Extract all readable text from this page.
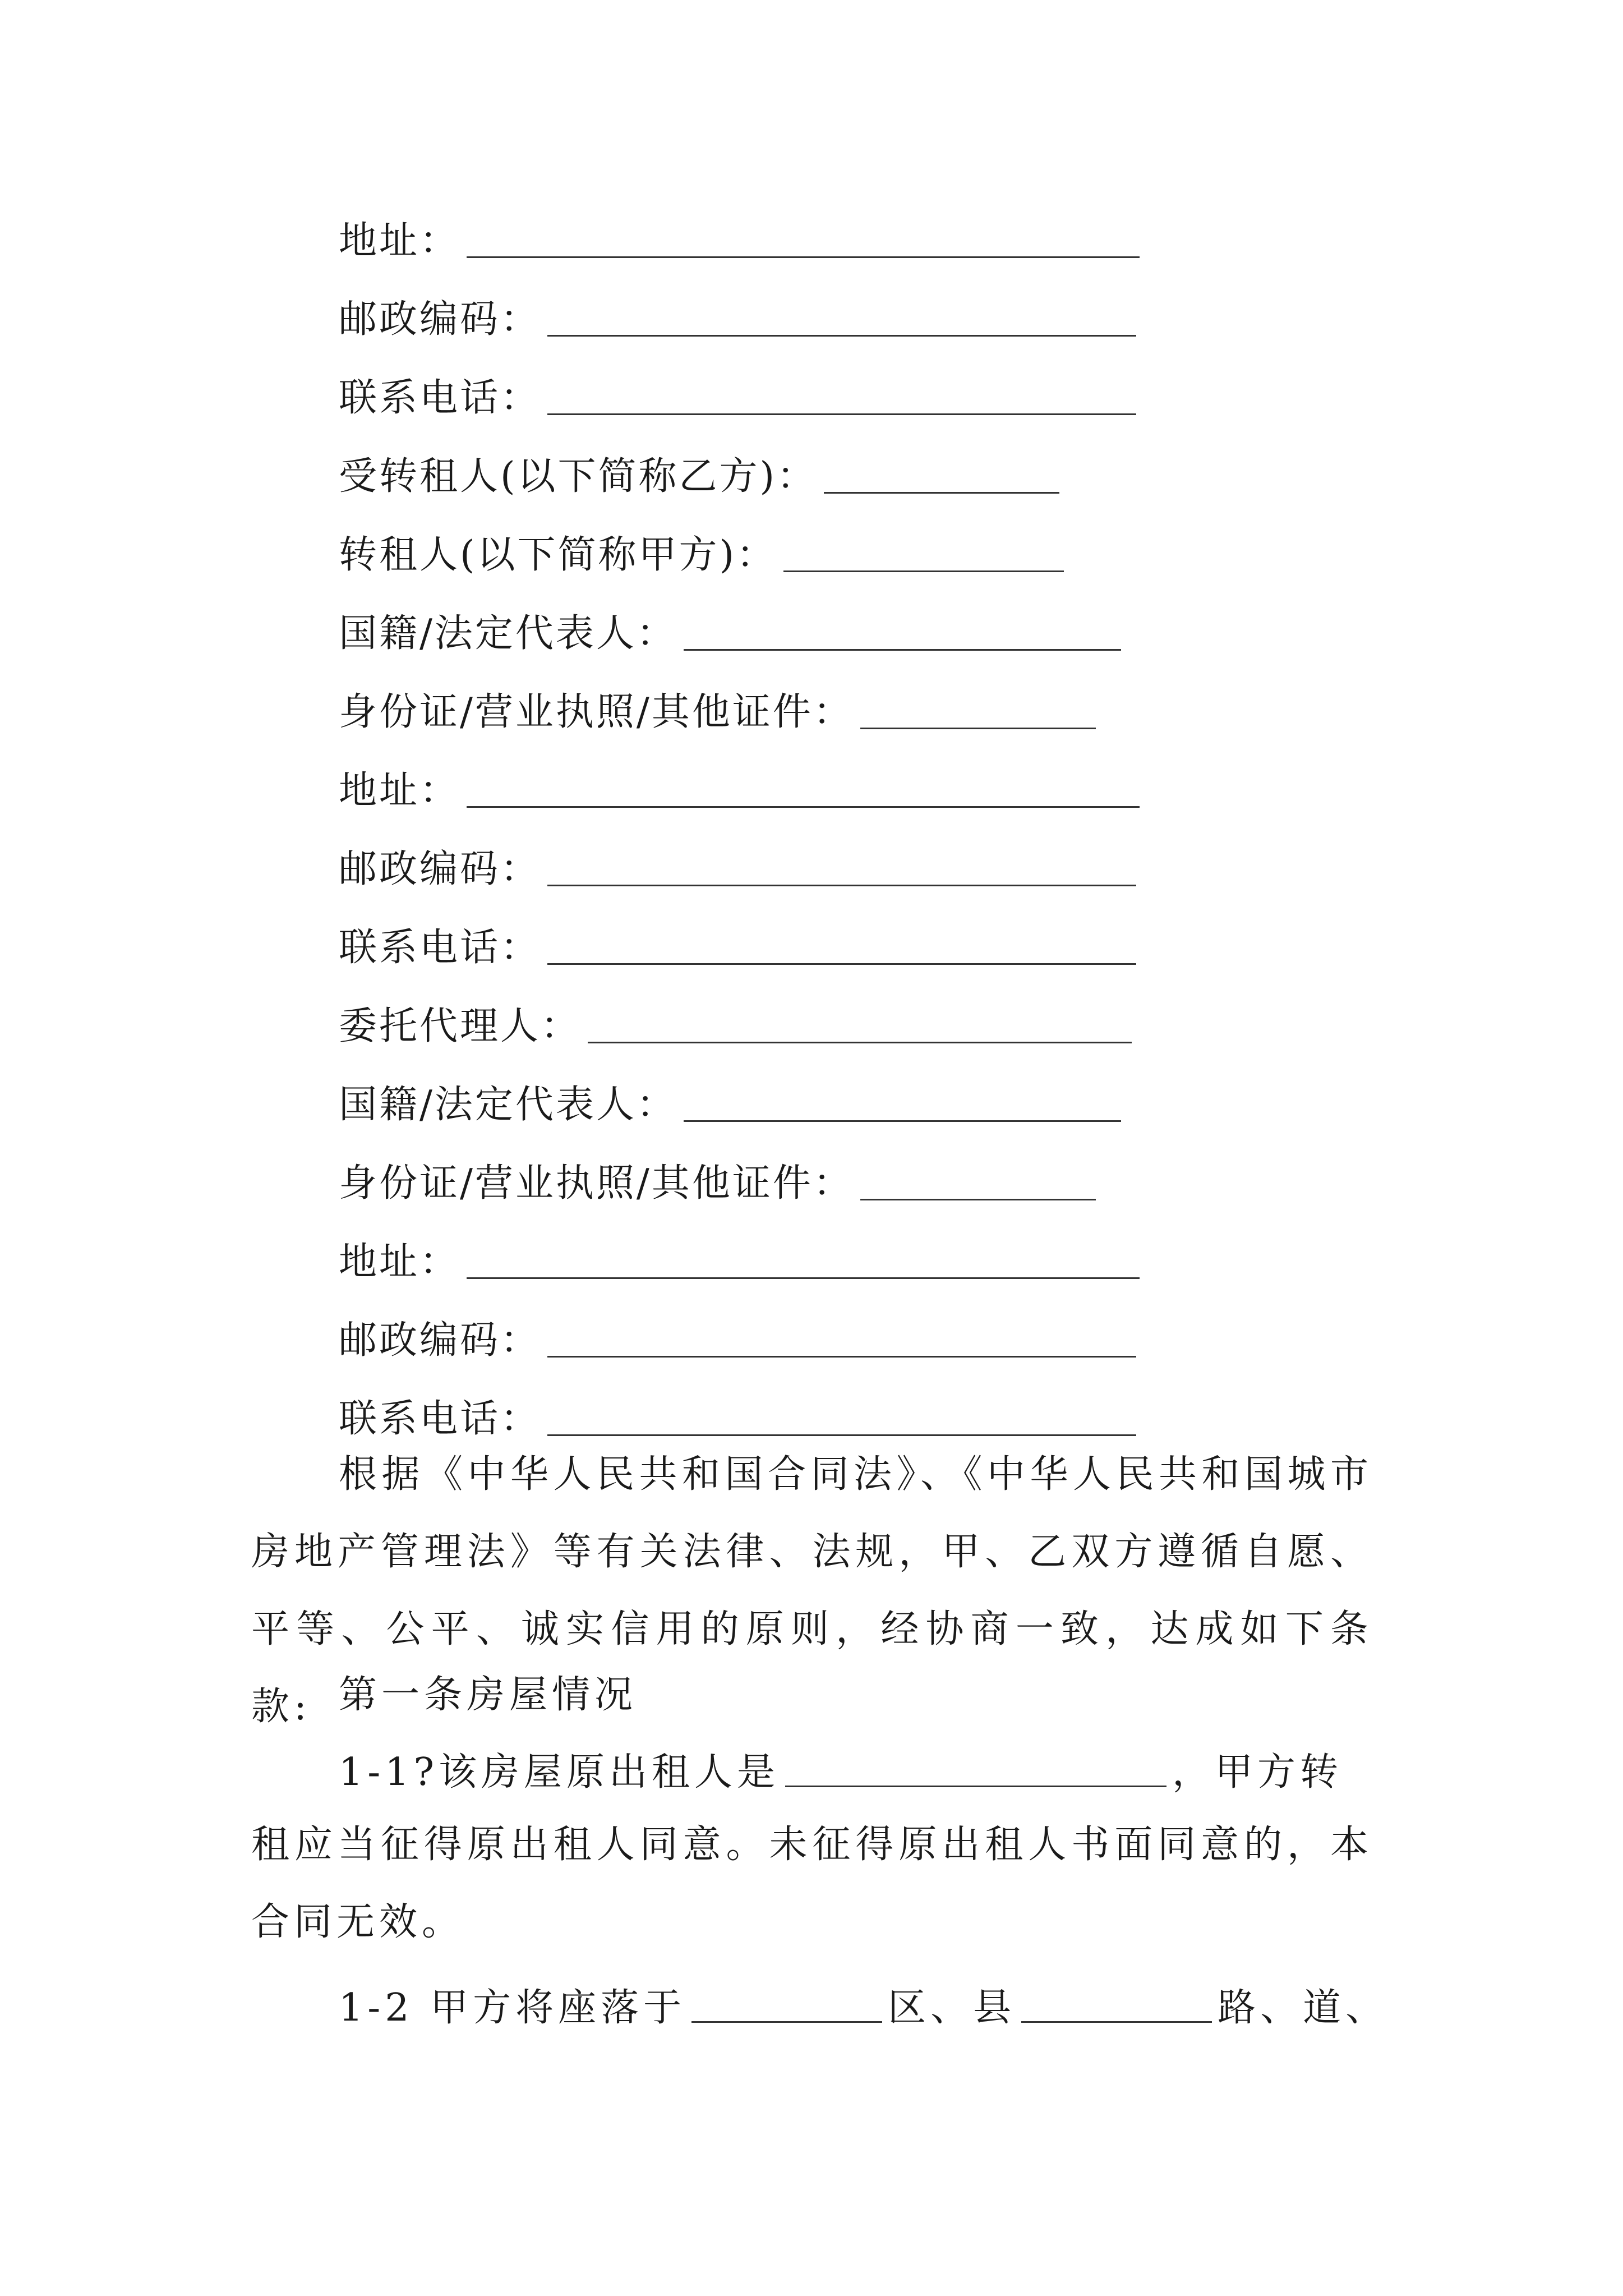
地址：
邮政编码：
联系电话：
受转租人(以下简称乙方)：
转租人(以下简称甲方)：
国籍/法定代表人：
身份证/营业执照/其他证件：
地址：
邮政编码：
联系电话：
委托代理人：
国籍/法定代表人：
身份证/营业执照/其他证件：
地址：
邮政编码：
联系电话：

根据《中华人民共和国合同法》、《中华人民共和国城市房地产管理法》等有关法律、法规，甲、乙双方遵循自愿、平等、公平、诚实信用的原则，经协商一致，达成如下条款: 第一条房屋情况
1-1?该房屋原出租人是	，甲方转

租应当征得原出租人同意。未征得原出租人书面同意的，本合同无效。

1-2 甲方将座落于	区、县	路、道、
